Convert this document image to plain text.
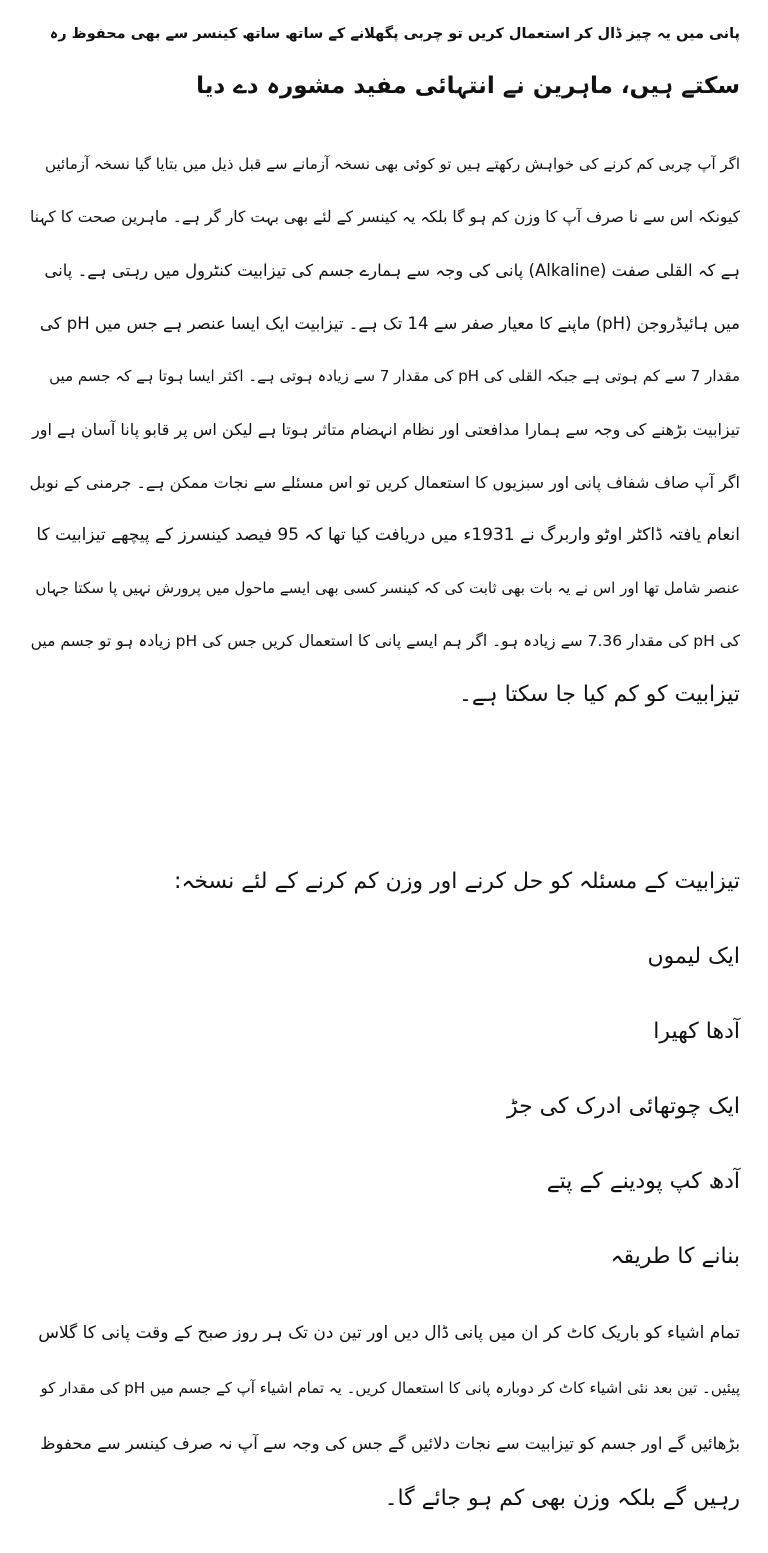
پانی میں یہ چیز ڈال کر استعمال کریں تو چربی پگھلانے کے ساتھ ساتھ کینسر سے بھی محفوظ رہ
سکتے ہیں، ماہرین نے انتہائی مفید مشورہ دے دیا
اگر آپ چربی کم کرنے کی خواہش رکھتے ہیں تو کوئی بھی نسخہ آزمانے سے قبل ذیل میں بتایا گیا نسخہ آزمائیں
کیونکہ اس سے نا صرف آپ کا وزن کم ہو گا بلکہ یہ کینسر کے لئے بھی بہت کار گر ہے۔ ماہرین صحت کا کہنا
ہے کہ القلی صفت (Alkaline) پانی کی وجہ سے ہمارے جسم کی تیزابیت کنٹرول میں رہتی ہے۔ پانی
میں ہائیڈروجن (pH) ماپنے کا معیار صفر سے 14 تک ہے۔ تیزابیت ایک ایسا عنصر ہے جس میں pH کی
مقدار 7 سے کم ہوتی ہے جبکہ القلی کی pH کی مقدار 7 سے زیادہ ہوتی ہے۔ اکثر ایسا ہوتا ہے کہ جسم میں
تیزابیت بڑھنے کی وجہ سے ہمارا مدافعتی اور نظام انہضام متاثر ہوتا ہے لیکن اس پر قابو پانا آسان ہے اور
اگر آپ صاف شفاف پانی اور سبزیوں کا استعمال کریں تو اس مسئلے سے نجات ممکن ہے۔ جرمنی کے نوبل
انعام یافتہ ڈاکٹر اوٹو واربرگ نے 1931ء میں دریافت کیا تھا کہ 95 فیصد کینسرز کے پیچھے تیزابیت کا
عنصر شامل تھا اور اس نے یہ بات بھی ثابت کی کہ کینسر کسی بھی ایسے ماحول میں پرورش نہیں پا سکتا جہاں
کی pH کی مقدار 7.36 سے زیادہ ہو۔ اگر ہم ایسے پانی کا استعمال کریں جس کی pH زیادہ ہو تو جسم میں
تیزابیت کو کم کیا جا سکتا ہے۔
تیزابیت کے مسئلہ کو حل کرنے اور وزن کم کرنے کے لئے نسخہ:
ایک لیموں
آدھا کھیرا
ایک چوتھائی ادرک کی جڑ
آدھ کپ پودینے کے پتے
بنانے کا طریقہ
تمام اشیاء کو باریک کاٹ کر ان میں پانی ڈال دیں اور تین دن تک ہر روز صبح کے وقت پانی کا گلاس
پیئیں۔ تین بعد نئی اشیاء کاٹ کر دوبارہ پانی کا استعمال کریں۔ یہ تمام اشیاء آپ کے جسم میں pH کی مقدار کو
بڑھائیں گے اور جسم کو تیزابیت سے نجات دلائیں گے جس کی وجہ سے آپ نہ صرف کینسر سے محفوظ
رہیں گے بلکہ وزن بھی کم ہو جائے گا۔
